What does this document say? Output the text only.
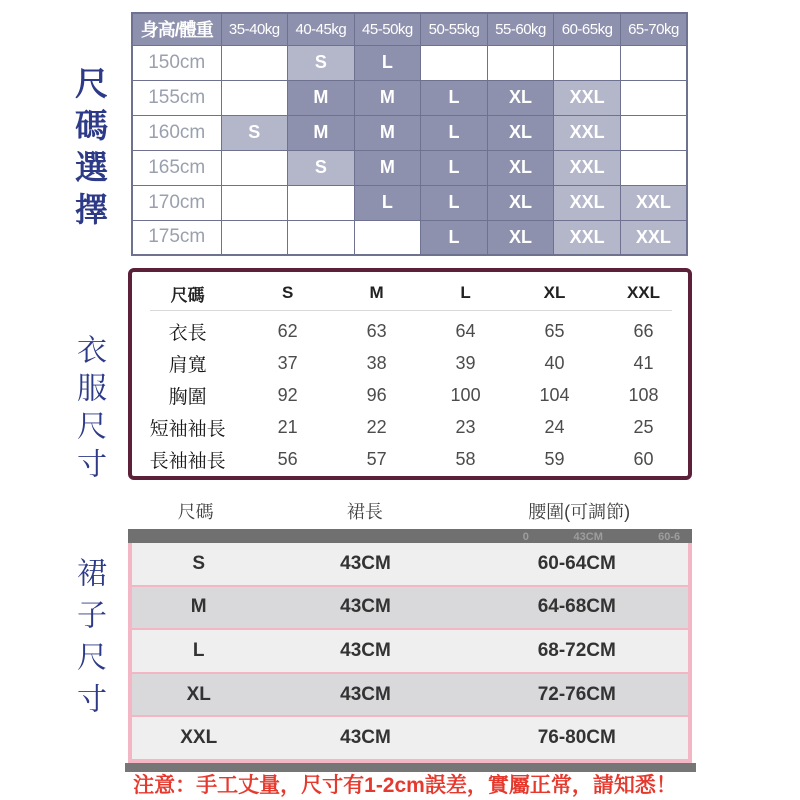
尺碼選擇
衣服尺寸
裙子尺寸
身高/體重	35-40kg	40-45kg	45-50kg	50-55kg	55-60kg	60-65kg	65-70kg
150cm		S	L				
155cm		M	M	L	XL	XXL	
160cm	S	M	M	L	XL	XXL	
165cm		S	M	L	XL	XXL	
170cm			L	L	XL	XXL	XXL
175cm				L	XL	XXL	XXL
尺碼	S	M	L	XL	XXL
衣長	62	63	64	65	66
肩寬	37	38	39	40	41
胸圍	92	96	100	104	108
短袖袖長	21	22	23	24	25
長袖袖長	56	57	58	59	60
尺碼	裙長	腰圍(可調節)
0	43CM	60-6
S	43CM	60-64CM
M	43CM	64-68CM
L	43CM	68-72CM
XL	43CM	72-76CM
XXL	43CM	76-80CM
注意：手工丈量，尺寸有1-2cm誤差，實屬正常，請知悉！
